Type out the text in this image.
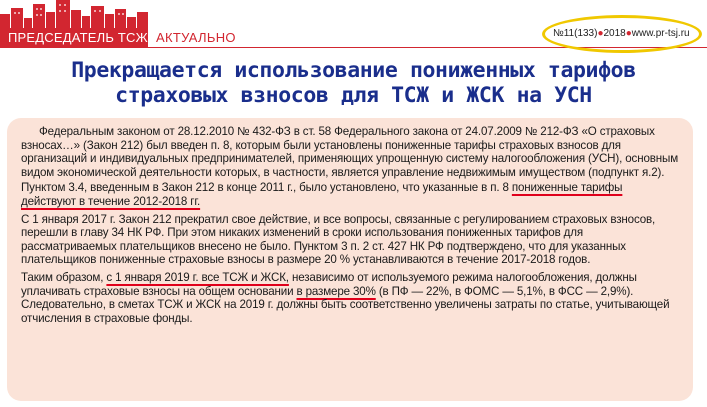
ПРЕДСЕДАТЕЛЬ ТСЖ АКТУАЛЬНО	№11(133)●2018●www.pr-tsj.ru
Прекращается использование пониженных тарифов
страховых взносов для ТСЖ и ЖСК на УСН

Федеральным законом от 28.12.2010 № 432-ФЗ в ст. 58 Федерального закона от 24.07.2009 № 212-ФЗ «О страховых взносах…» (Закон 212) был введен п. 8, которым были установлены пониженные тарифы страховых взносов для организаций и индивидуальных предпринимателей, применяющих упрощенную систему налогообложения (УСН), основным видом экономической деятельности которых, в частности, является управление недвижимым имуществом (подпункт я.2).

Пунктом 3.4, введенным в Закон 212 в конце 2011 г., было установлено, что указанные в п. 8 пониженные тарифы действуют в течение 2012-2018 гг.

С 1 января 2017 г. Закон 212 прекратил свое действие, и все вопросы, связанные с регулированием страховых взносов, перешли в главу 34 НК РФ. При этом никаких изменений в сроки использования пониженных тарифов для рассматриваемых плательщиков внесено не было. Пунктом 3 п. 2 ст. 427 НК РФ подтверждено, что для указанных плательщиков пониженные страховые взносы в размере 20 % устанавливаются в течение 2017-2018 годов.

Таким образом, с 1 января 2019 г. все ТСЖ и ЖСК, независимо от используемого режима налогообложения, должны уплачивать страховые взносы на общем основании в размере 30% (в ПФ — 22%, в ФОМС — 5,1%, в ФСС — 2,9%). Следовательно, в сметах ТСЖ и ЖСК на 2019 г. должны быть соответственно увеличены затраты по статье, учитывающей отчисления в страховые фонды.
